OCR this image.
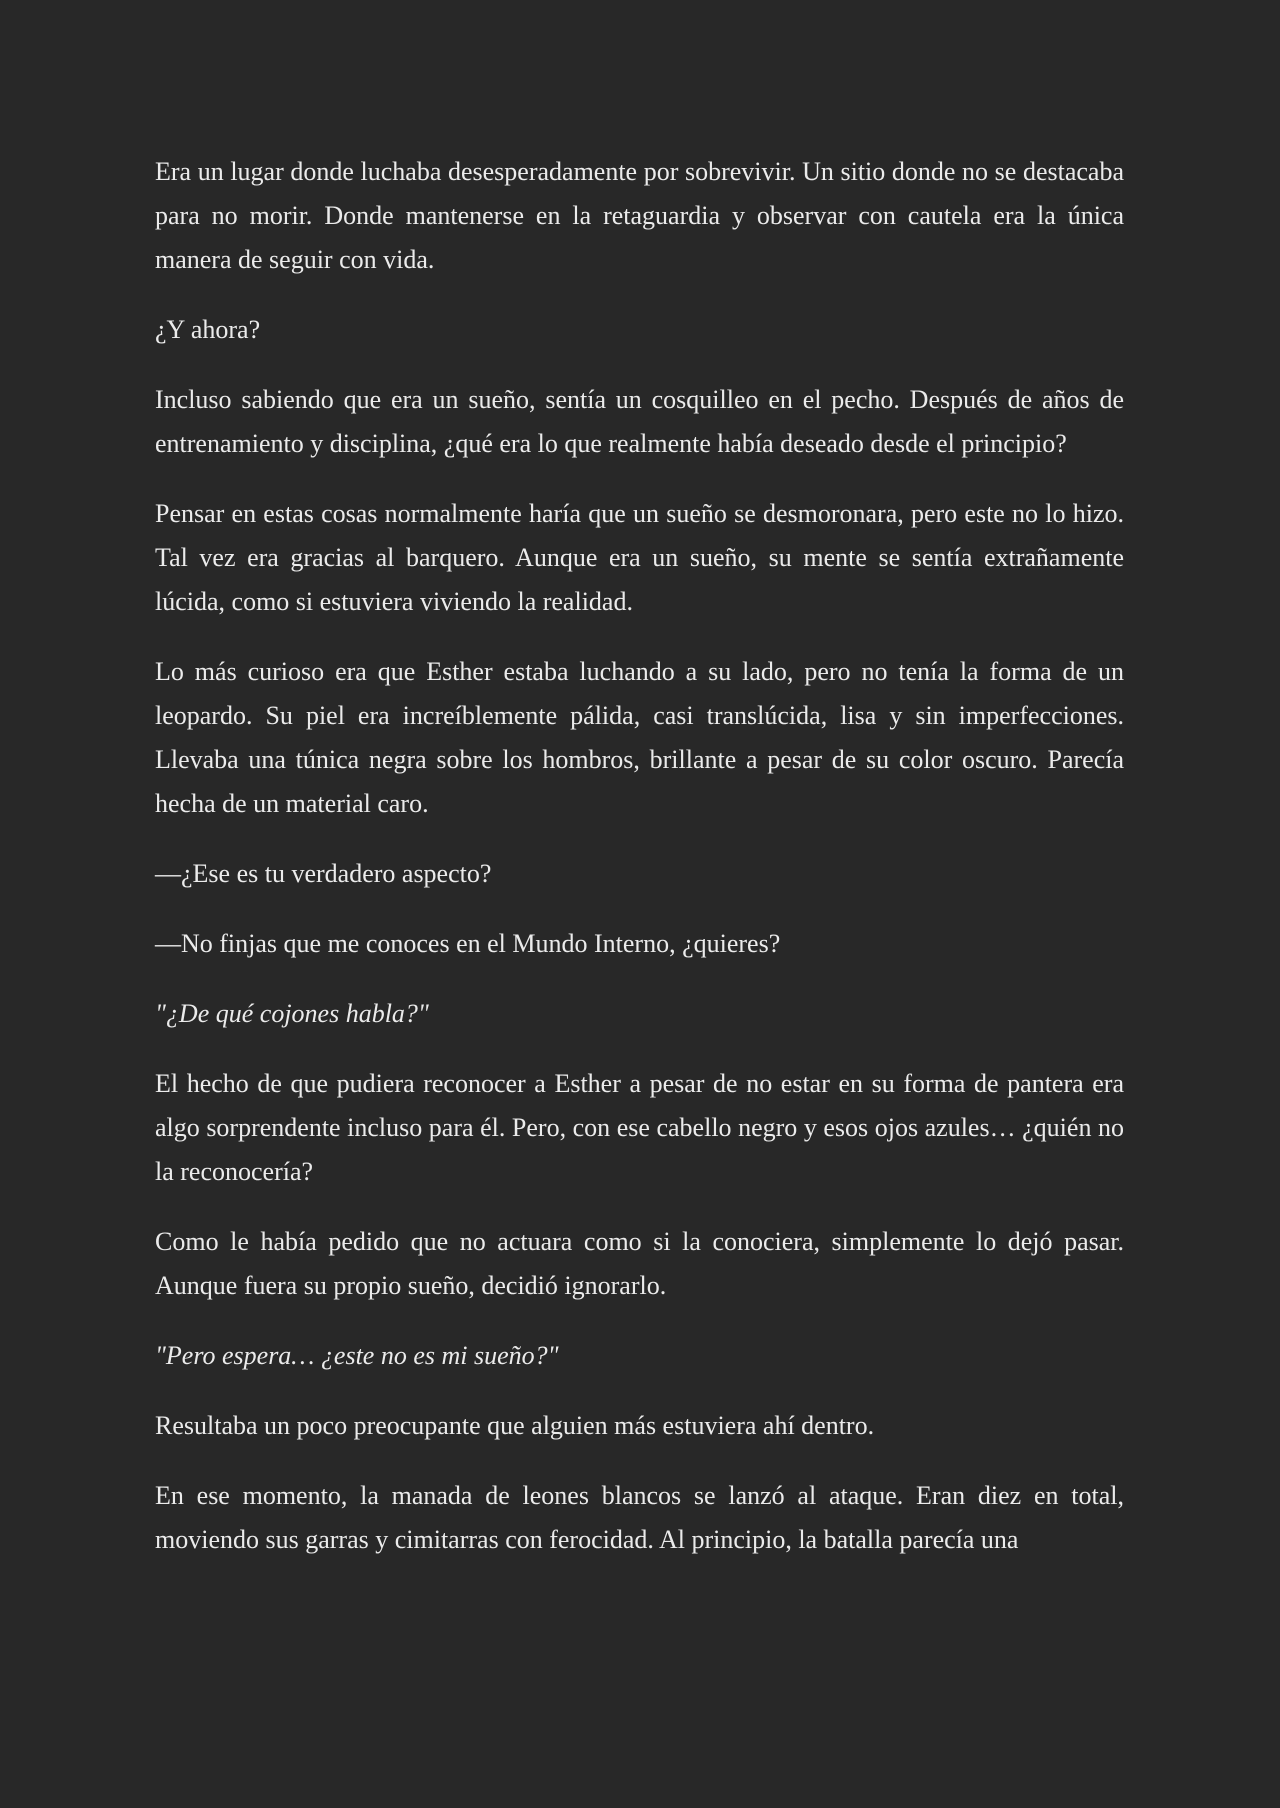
Era un lugar donde luchaba desesperadamente por sobrevivir. Un sitio donde no se destacaba para no morir. Donde mantenerse en la retaguardia y observar con cautela era la única manera de seguir con vida.

¿Y ahora?

Incluso sabiendo que era un sueño, sentía un cosquilleo en el pecho. Después de años de entrenamiento y disciplina, ¿qué era lo que realmente había deseado desde el principio?

Pensar en estas cosas normalmente haría que un sueño se desmoronara, pero este no lo hizo. Tal vez era gracias al barquero. Aunque era un sueño, su mente se sentía extrañamente lúcida, como si estuviera viviendo la realidad.

Lo más curioso era que Esther estaba luchando a su lado, pero no tenía la forma de un leopardo. Su piel era increíblemente pálida, casi translúcida, lisa y sin imperfecciones. Llevaba una túnica negra sobre los hombros, brillante a pesar de su color oscuro. Parecía hecha de un material caro.

—¿Ese es tu verdadero aspecto?

—No finjas que me conoces en el Mundo Interno, ¿quieres?

"¿De qué cojones habla?"

El hecho de que pudiera reconocer a Esther a pesar de no estar en su forma de pantera era algo sorprendente incluso para él. Pero, con ese cabello negro y esos ojos azules… ¿quién no la reconocería?

Como le había pedido que no actuara como si la conociera, simplemente lo dejó pasar. Aunque fuera su propio sueño, decidió ignorarlo.

"Pero espera… ¿este no es mi sueño?"

Resultaba un poco preocupante que alguien más estuviera ahí dentro.

En ese momento, la manada de leones blancos se lanzó al ataque. Eran diez en total, moviendo sus garras y cimitarras con ferocidad. Al principio, la batalla parecía una
